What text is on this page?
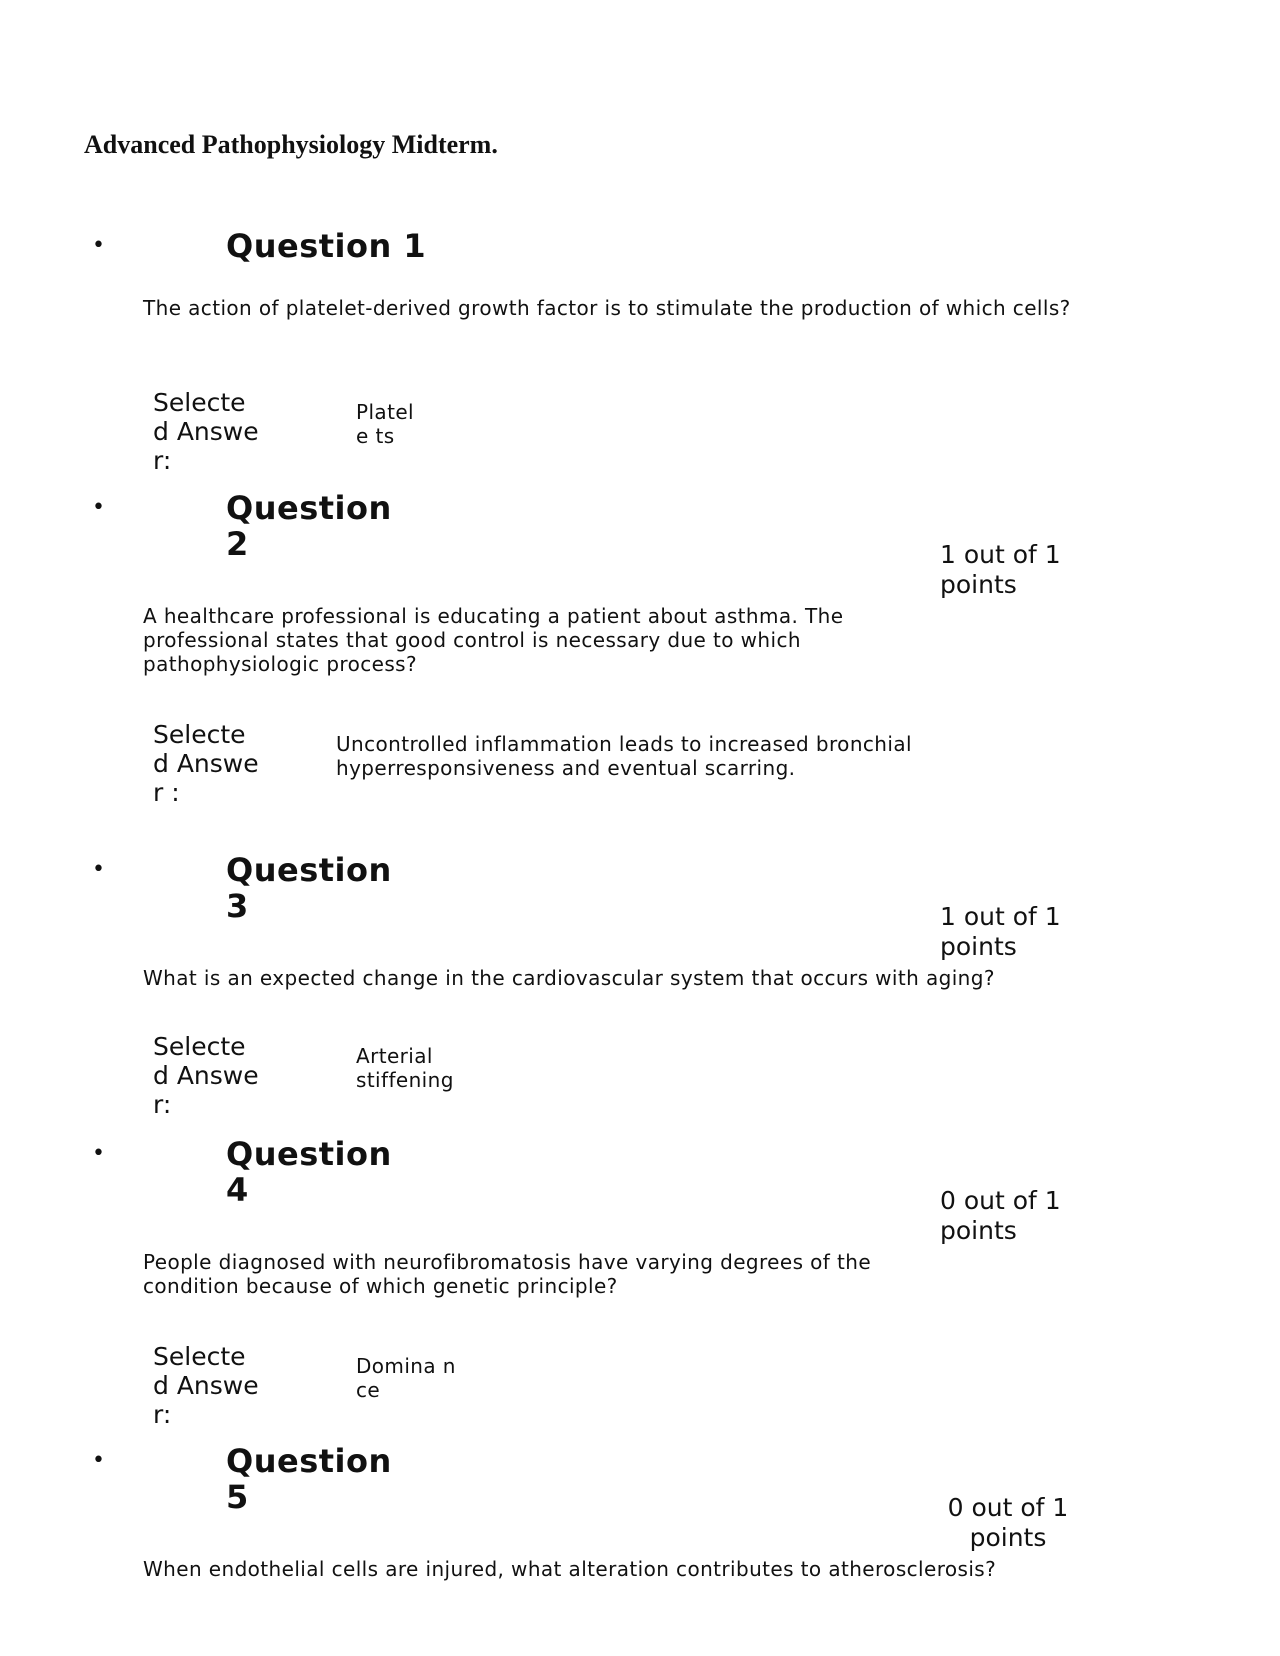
Advanced Pathophysiology Midterm.
•	Question 1
The action of platelet-derived growth factor is to stimulate the production of which cells?
Selecte d Answer:
Platel e ts
•	Question 2	1 out of 1 points
A healthcare professional is educating a patient about asthma. The professional states that good control is necessary due to which pathophysiologic process?
Selecte d Answer :
Uncontrolled inflammation leads to increased bronchial hyperresponsiveness and eventual scarring.
•	Question 3	1 out of 1 points
What is an expected change in the cardiovascular system that occurs with aging?
Selecte d Answer:
Arterial stiffening
•	Question 4	0 out of 1 points
People diagnosed with neurofibromatosis have varying degrees of the condition because of which genetic principle?
Selecte d Answer:
Domina n ce
•	Question 5	0 out of 1 points
When endothelial cells are injured, what alteration contributes to atherosclerosis?
